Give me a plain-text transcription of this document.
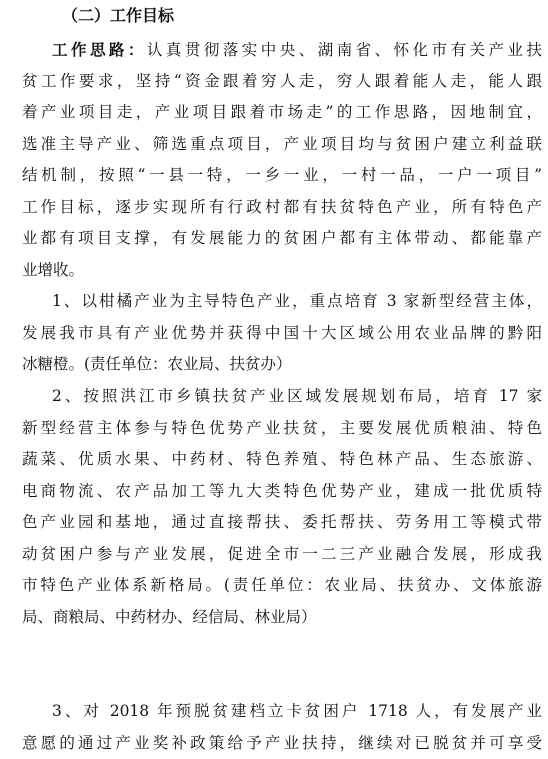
（二）工作目标
工作思路：认真贯彻落实中央、湖南省、怀化市有关产业扶
贫工作要求，坚持“资金跟着穷人走，穷人跟着能人走，能人跟
着产业项目走，产业项目跟着市场走”的工作思路，因地制宜，
选准主导产业、筛选重点项目，产业项目均与贫困户建立利益联
结机制，按照“一县一特，一乡一业，一村一品，一户一项目”
工作目标，逐步实现所有行政村都有扶贫特色产业，所有特色产
业都有项目支撑，有发展能力的贫困户都有主体带动、都能靠产
业增收。
1、以柑橘产业为主导特色产业，重点培育 3 家新型经营主体，
发展我市具有产业优势并获得中国十大区域公用农业品牌的黔阳
冰糖橙。(责任单位：农业局、扶贫办）
2、按照洪江市乡镇扶贫产业区域发展规划布局，培育 17 家
新型经营主体参与特色优势产业扶贫，主要发展优质粮油、特色
蔬菜、优质水果、中药材、特色养殖、特色林产品、生态旅游、
电商物流、农产品加工等九大类特色优势产业，建成一批优质特
色产业园和基地，通过直接帮扶、委托帮扶、劳务用工等模式带
动贫困户参与产业发展，促进全市一二三产业融合发展，形成我
市特色产业体系新格局。(责任单位：农业局、扶贫办、文体旅游
局、商粮局、中药材办、经信局、林业局）
3、对 2018 年预脱贫建档立卡贫困户 1718 人，有发展产业
意愿的通过产业奖补政策给予产业扶持，继续对已脱贫并可享受
